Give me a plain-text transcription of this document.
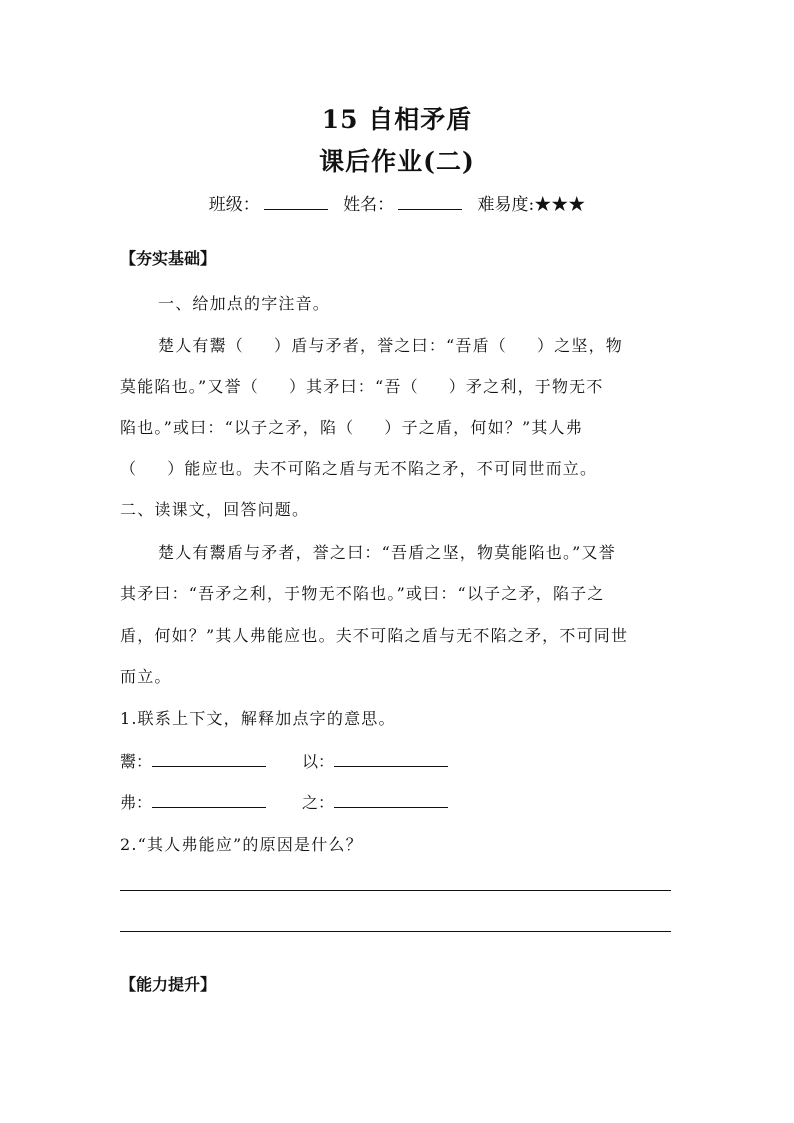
15 自相矛盾
课后作业(二)
班级：	姓名：	难易度:★★★
【夯实基础】
一、给加点的字注音。
楚人有鬻（ ）盾与矛者，誉之曰：“吾盾（ ）之坚，物
莫能陷也。”又誉（ ）其矛曰：“吾（ ）矛之利，于物无不
陷也。”或曰：“以子之矛，陷（ ）子之盾，何如？”其人弗
（ ）能应也。夫不可陷之盾与无不陷之矛，不可同世而立。
二、读课文，回答问题。
楚人有鬻盾与矛者，誉之曰：“吾盾之坚，物莫能陷也。”又誉
其矛曰：“吾矛之利，于物无不陷也。”或曰：“以子之矛，陷子之
盾，何如？”其人弗能应也。夫不可陷之盾与无不陷之矛，不可同世
而立。
1.联系上下文，解释加点字的意思。
鬻：	以：
弗：	之：
2.“其人弗能应”的原因是什么？
【能力提升】
